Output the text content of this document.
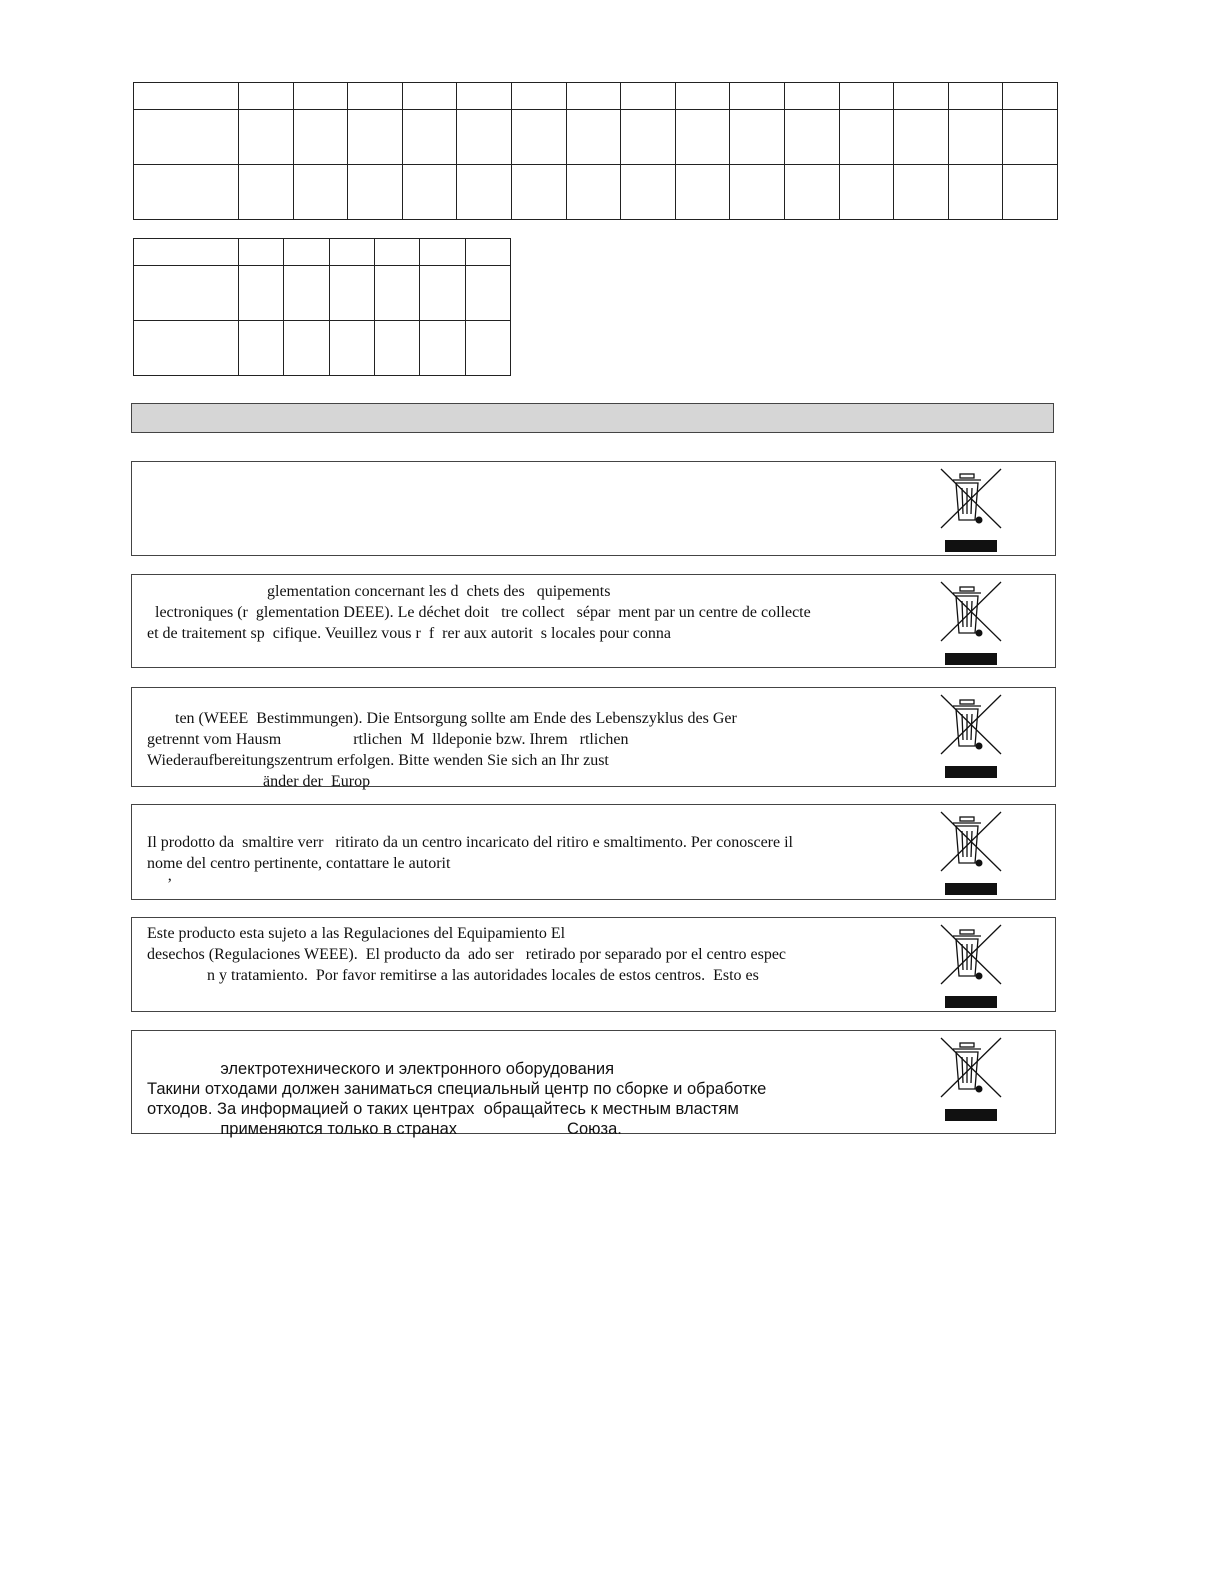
glementation concernant les d  chets des   quipements
lectroniques (r  glementation DEEE). Le déchet doit   tre collect   sépar  ment par un centre de collecte
et de traitement sp  cifique. Veuillez vous r  f  rer aux autorit  s locales pour conna
ten (WEEE  Bestimmungen). Die Entsorgung sollte am Ende des Lebenszyklus des Ger
getrennt vom Hausm                  rtlichen  M  lldeponie bzw. Ihrem   rtlichen
Wiederaufbereitungszentrum erfolgen. Bitte wenden Sie sich an Ihr zust
änder der  Europ

Il prodotto da  smaltire verr   ritirato da un centro incaricato del ritiro e smaltimento. Per conoscere il
nome del centro pertinente, contattare le autorit
’
Este producto esta sujeto a las Regulaciones del Equipamiento El
desechos (Regulaciones WEEE).  El producto da  ado ser   retirado por separado por el centro espec
n y tratamiento.  Por favor remitirse a las autoridades locales de estos centros.  Esto es

электротехнического и электронного оборудования
Такини отходами должен заниматься специальный центр по сборке и обработке
отходов. За информацией о таких центрах  обращайтесь к местным властям
применяются только в странах                        Союза.
